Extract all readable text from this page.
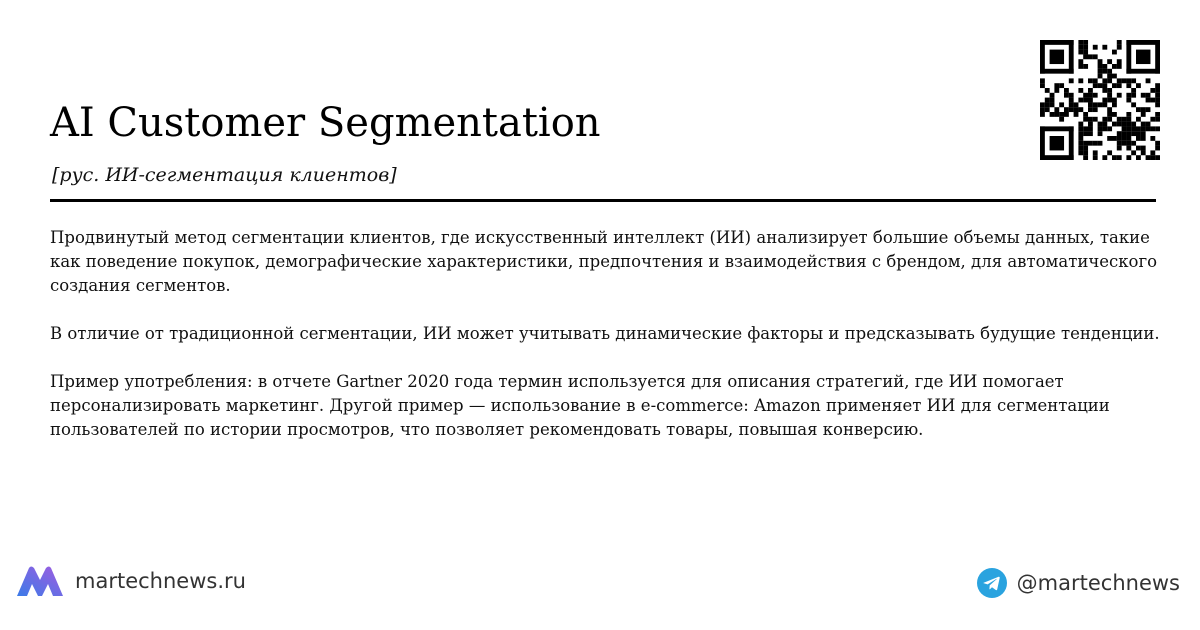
AI Customer Segmentation
[рус. ИИ-сегментация клиентов]

Продвинутый метод сегментации клиентов, где искусственный интеллект (ИИ) анализирует большие объемы данных, такие как поведение покупок, демографические характеристики, предпочтения и взаимодействия с брендом, для автоматического создания сегментов.

В отличие от традиционной сегментации, ИИ может учитывать динамические факторы и предсказывать будущие тенденции.

Пример употребления: в отчете Gartner 2020 года термин используется для описания стратегий, где ИИ помогает персонализировать маркетинг. Другой пример — использование в e-commerce: Amazon применяет ИИ для сегментации пользователей по истории просмотров, что позволяет рекомендовать товары, повышая конверсию.

martechnews.ru	@martechnews
